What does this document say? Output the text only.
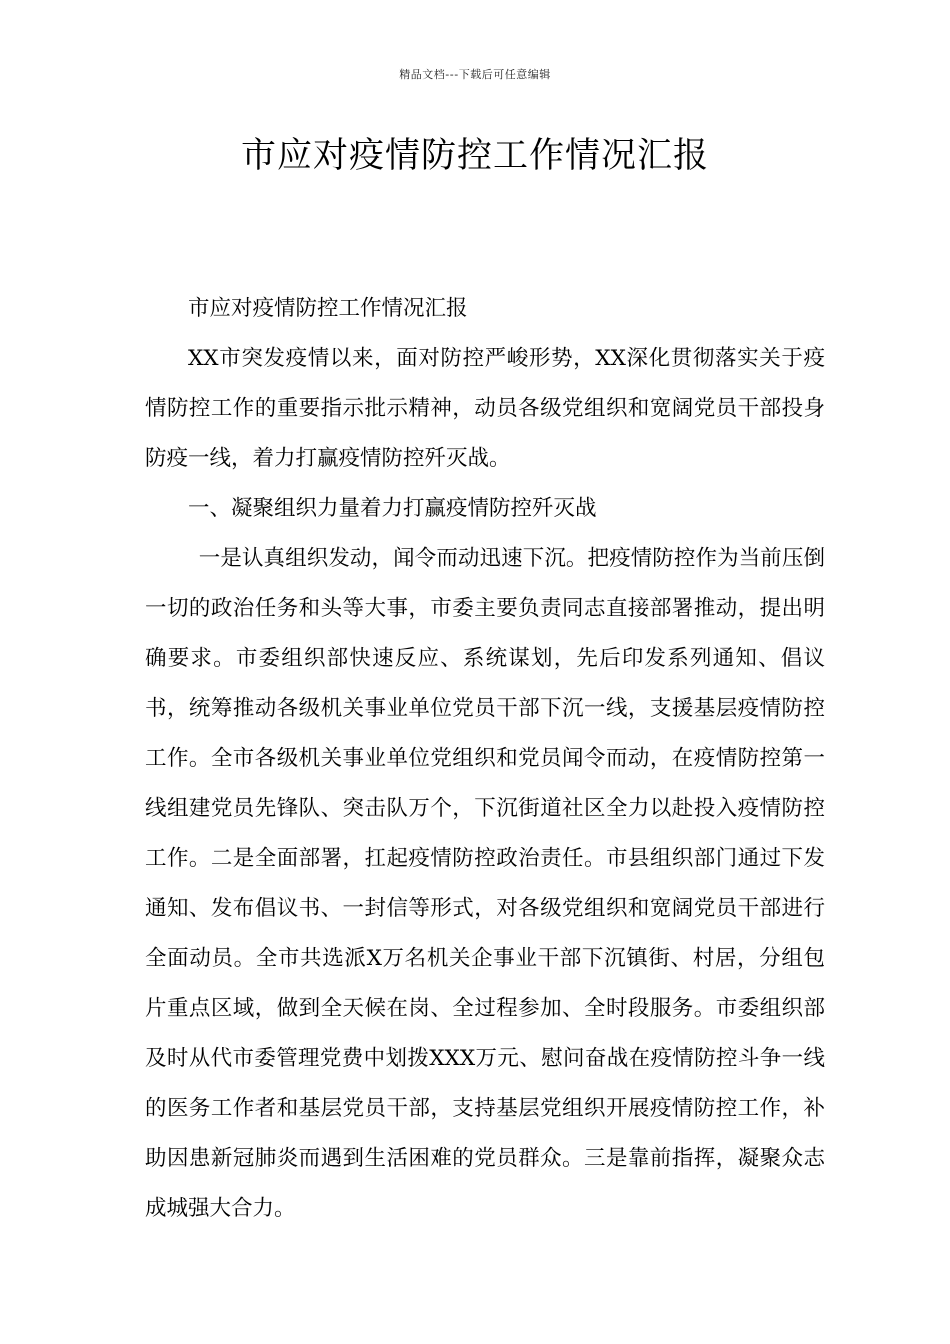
精品文档---下载后可任意编辑
市应对疫情防控工作情况汇报

市应对疫情防控工作情况汇报

XX市突发疫情以来，面对防控严峻形势，XX深化贯彻落实关于疫情防控工作的重要指示批示精神，动员各级党组织和宽阔党员干部投身防疫一线，着力打赢疫情防控歼灭战。

一、凝聚组织力量着力打赢疫情防控歼灭战

一是认真组织发动，闻令而动迅速下沉。把疫情防控作为当前压倒一切的政治任务和头等大事，市委主要负责同志直接部署推动，提出明确要求。市委组织部快速反应、系统谋划，先后印发系列通知、倡议书，统筹推动各级机关事业单位党员干部下沉一线，支援基层疫情防控工作。全市各级机关事业单位党组织和党员闻令而动，在疫情防控第一线组建党员先锋队、突击队万个，下沉街道社区全力以赴投入疫情防控工作。二是全面部署，扛起疫情防控政治责任。市县组织部门通过下发通知、发布倡议书、一封信等形式，对各级党组织和宽阔党员干部进行全面动员。全市共选派X万名机关企事业干部下沉镇街、村居，分组包片重点区域，做到全天候在岗、全过程参加、全时段服务。市委组织部及时从代市委管理党费中划拨XXX万元、慰问奋战在疫情防控斗争一线的医务工作者和基层党员干部，支持基层党组织开展疫情防控工作，补助因患新冠肺炎而遇到生活困难的党员群众。三是靠前指挥，凝聚众志成城强大合力。
